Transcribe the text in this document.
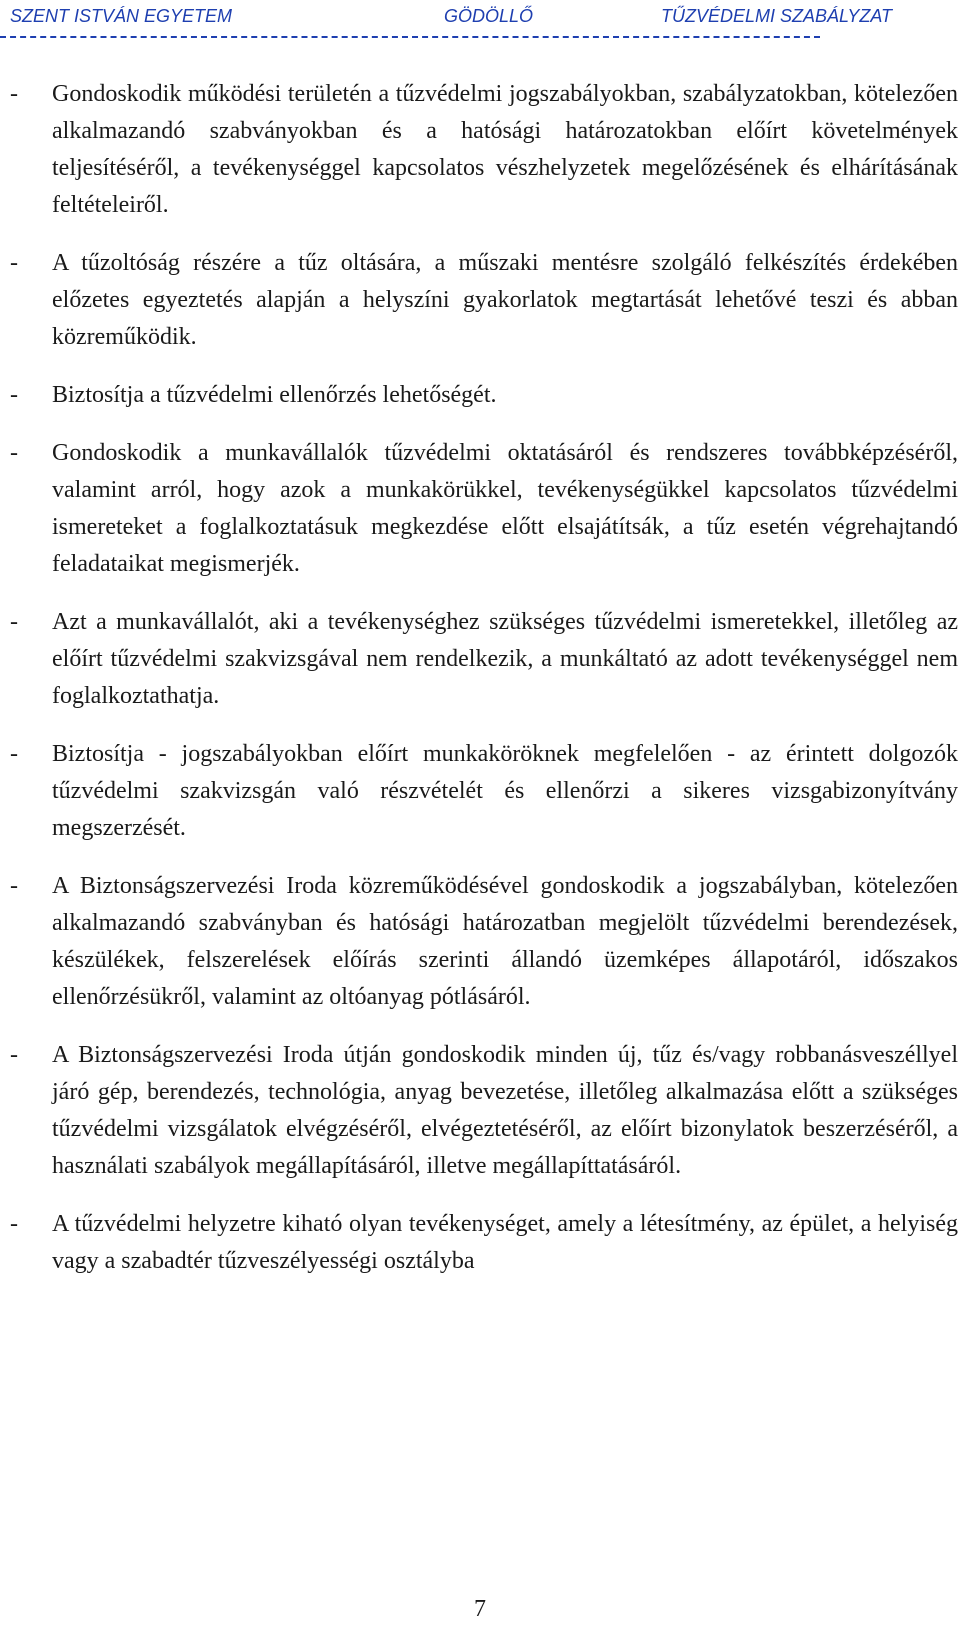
SZENT ISTVÁN EGYETEM	GÖDÖLLŐ	TŰZVÉDELMI SZABÁLYZAT
-	Gondoskodik működési területén a tűzvédelmi jogszabályokban, szabályzatokban, kötelezően alkalmazandó szabványokban és a hatósági határozatokban előírt követelmények teljesítéséről, a tevékenységgel kapcsolatos vészhelyzetek megelőzésének és elhárításának feltételeiről.
-	A tűzoltóság részére a tűz oltására, a műszaki mentésre szolgáló felkészítés érdekében előzetes egyeztetés alapján a helyszíni gyakorlatok megtartását lehetővé teszi és abban közreműködik.
-	Biztosítja a tűzvédelmi ellenőrzés lehetőségét.
-	Gondoskodik a munkavállalók tűzvédelmi oktatásáról és rendszeres továbbképzéséről, valamint arról, hogy azok a munkakörükkel, tevékenységükkel kapcsolatos tűzvédelmi ismereteket a foglalkoztatásuk megkezdése előtt elsajátítsák, a tűz esetén végrehajtandó feladataikat megismerjék.
-	Azt a munkavállalót, aki a tevékenységhez szükséges tűzvédelmi ismeretekkel, illetőleg az előírt tűzvédelmi szakvizsgával nem rendelkezik, a munkáltató az adott tevékenységgel nem foglalkoztathatja.
-	Biztosítja - jogszabályokban előírt munkaköröknek megfelelően - az érintett dolgozók tűzvédelmi szakvizsgán való részvételét és ellenőrzi a sikeres vizsgabizonyítvány megszerzését.
-	A Biztonságszervezési Iroda közreműködésével gondoskodik a jogszabályban, kötelezően alkalmazandó szabványban és hatósági határozatban megjelölt tűzvédelmi berendezések, készülékek, felszerelések előírás szerinti állandó üzemképes állapotáról, időszakos ellenőrzésükről, valamint az oltóanyag pótlásáról.
-	A Biztonságszervezési Iroda útján gondoskodik minden új, tűz és/vagy robbanásveszéllyel járó gép, berendezés, technológia, anyag bevezetése, illetőleg alkalmazása előtt a szükséges tűzvédelmi vizsgálatok elvégzéséről, elvégeztetéséről, az előírt bizonylatok beszerzéséről, a használati szabályok megállapításáról, illetve megállapíttatásáról.
-	A tűzvédelmi helyzetre kiható olyan tevékenységet, amely a létesítmény, az épület, a helyiség vagy a szabadtér tűzveszélyességi osztályba
7
